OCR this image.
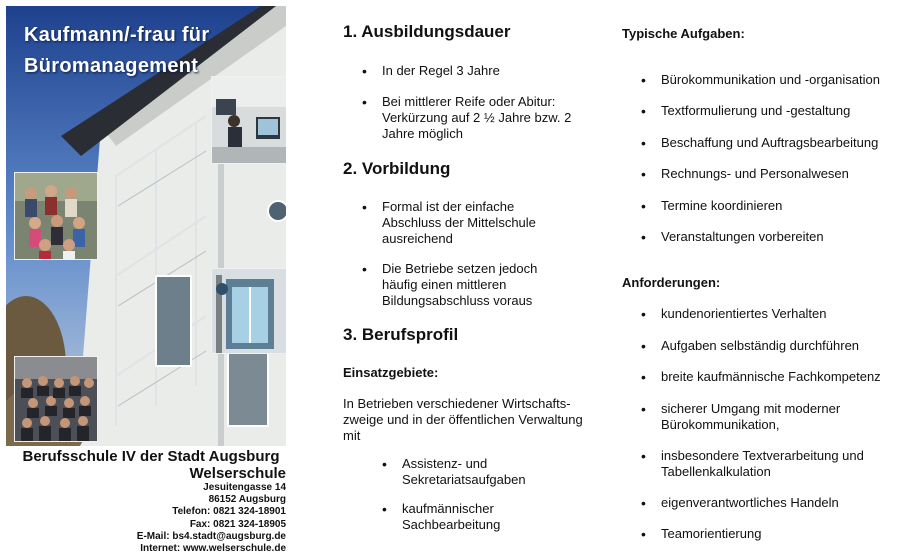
Kaufmann/-frau für
Büromanagement

Berufsschule IV der Stadt Augsburg

Welserschule

Jesuitengasse 14
86152 Augsburg
Telefon: 0821 324-18901
Fax: 0821 324-18905
E-Mail: bs4.stadt@augsburg.de
Internet: www.welserschule.de
1. Ausbildungsdauer
• In der Regel 3 Jahre
• Bei mittlerer Reife oder Abitur: Verkürzung auf 2 ½ Jahre bzw. 2 Jahre möglich
2. Vorbildung
• Formal ist der einfache Abschluss der Mittelschule ausreichend
• Die Betriebe setzen jedoch häufig einen mittleren Bildungsabschluss voraus
3. Berufsprofil

Einsatzgebiete:

In Betrieben verschiedener Wirtschafts-zweige und in der öffentlichen Verwaltung mit

• Assistenz- und Sekretariatsaufgaben
• kaufmännischer Sachbearbeitung

Typische Aufgaben:

• Bürokommunikation und -organisation
• Textformulierung und -gestaltung
• Beschaffung und Auftragsbearbeitung
• Rechnungs- und Personalwesen
• Termine koordinieren
• Veranstaltungen vorbereiten

Anforderungen:

• kundenorientiertes Verhalten
• Aufgaben selbständig durchführen
• breite kaufmännische Fachkompetenz
• sicherer Umgang mit moderner Bürokommunikation,
• insbesondere Textverarbeitung und Tabellenkalkulation
• eigenverantwortliches Handeln
• Teamorientierung
